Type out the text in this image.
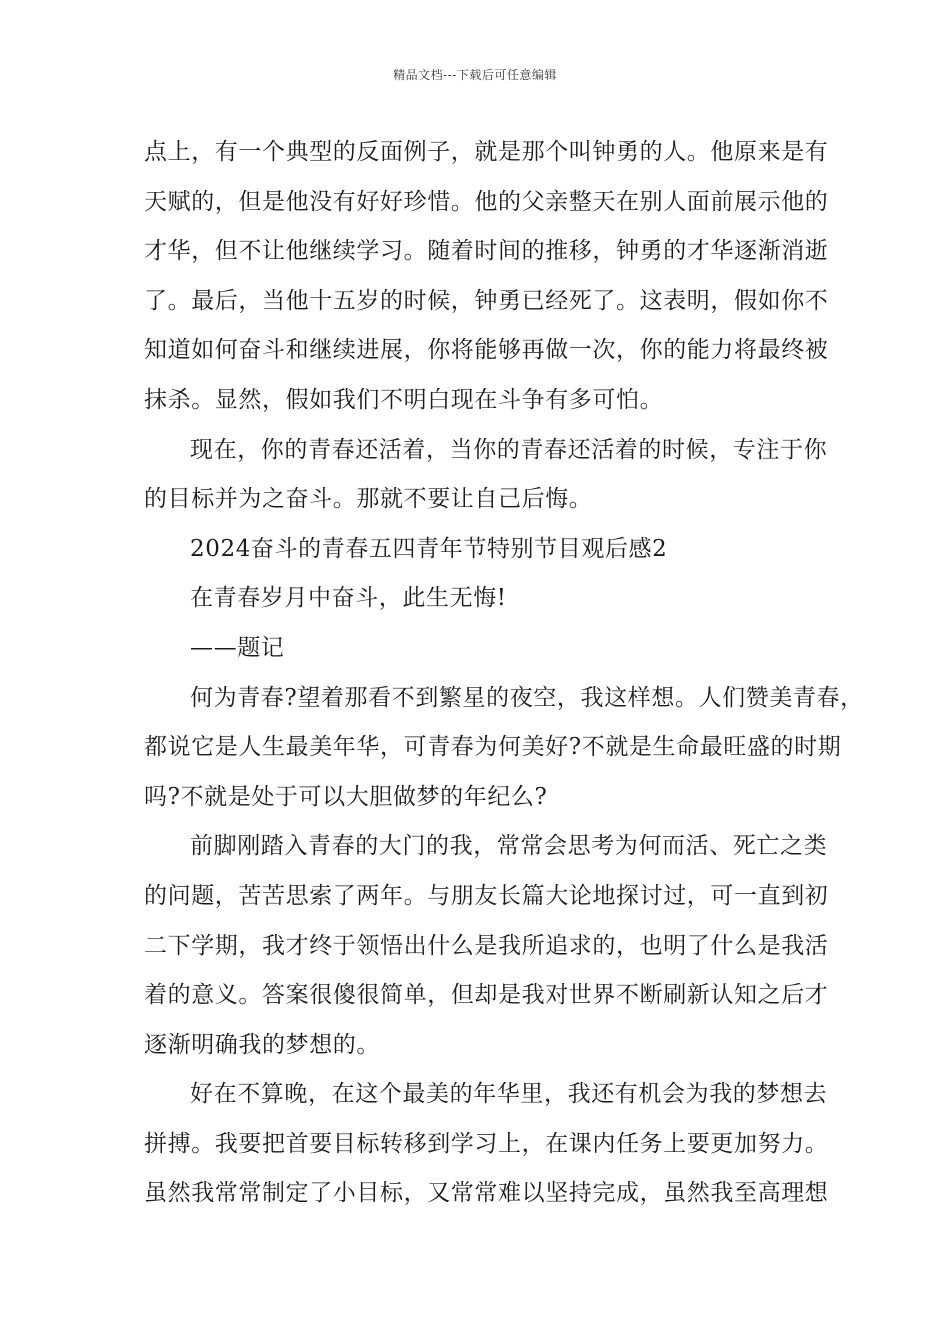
精品文档---下载后可任意编辑

点上，有一个典型的反面例子，就是那个叫钟勇的人。他原来是有
天赋的，但是他没有好好珍惜。他的父亲整天在别人面前展示他的
才华，但不让他继续学习。随着时间的推移，钟勇的才华逐渐消逝
了。最后，当他十五岁的时候，钟勇已经死了。这表明，假如你不
知道如何奋斗和继续进展，你将能够再做一次，你的能力将最终被
抹杀。显然，假如我们不明白现在斗争有多可怕。

现在，你的青春还活着，当你的青春还活着的时候，专注于你
的目标并为之奋斗。那就不要让自己后悔。

2024奋斗的青春五四青年节特别节目观后感2

在青春岁月中奋斗，此生无悔!

——题记

何为青春?望着那看不到繁星的夜空，我这样想。人们赞美青春，
都说它是人生最美年华，可青春为何美好?不就是生命最旺盛的时期
吗?不就是处于可以大胆做梦的年纪么?

前脚刚踏入青春的大门的我，常常会思考为何而活、死亡之类
的问题，苦苦思索了两年。与朋友长篇大论地探讨过，可一直到初
二下学期，我才终于领悟出什么是我所追求的，也明了什么是我活
着的意义。答案很傻很简单，但却是我对世界不断刷新认知之后才
逐渐明确我的梦想的。

好在不算晚，在这个最美的年华里，我还有机会为我的梦想去
拼搏。我要把首要目标转移到学习上，在课内任务上要更加努力。
虽然我常常制定了小目标，又常常难以坚持完成，虽然我至高理想
